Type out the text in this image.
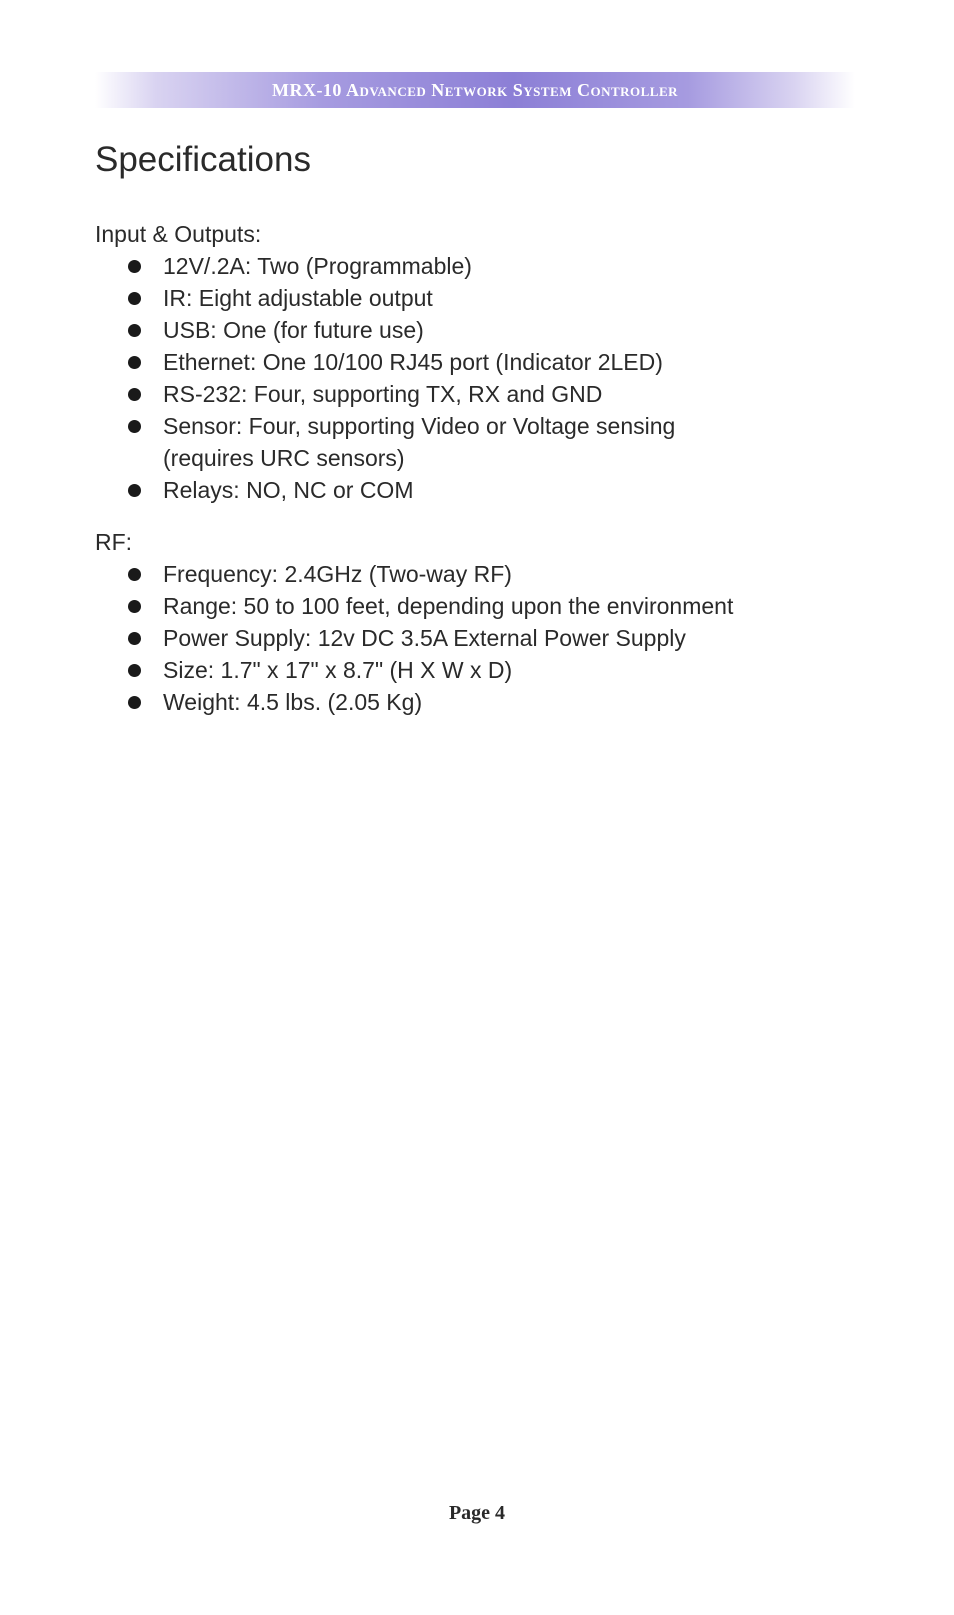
MRX-10 Advanced Network System Controller
Specifications

Input & Outputs:

12V/.2A: Two (Programmable)
IR: Eight adjustable output
USB: One (for future use)
Ethernet: One 10/100 RJ45 port (Indicator 2LED)
RS-232: Four, supporting TX, RX and GND
Sensor: Four, supporting Video or Voltage sensing
(requires URC sensors)
Relays: NO, NC or COM

RF:

Frequency: 2.4GHz (Two-way RF)
Range: 50 to 100 feet, depending upon the environment
Power Supply: 12v DC 3.5A External Power Supply
Size: 1.7" x 17" x 8.7" (H X W x D)
Weight: 4.5 lbs. (2.05 Kg)
Page 4
